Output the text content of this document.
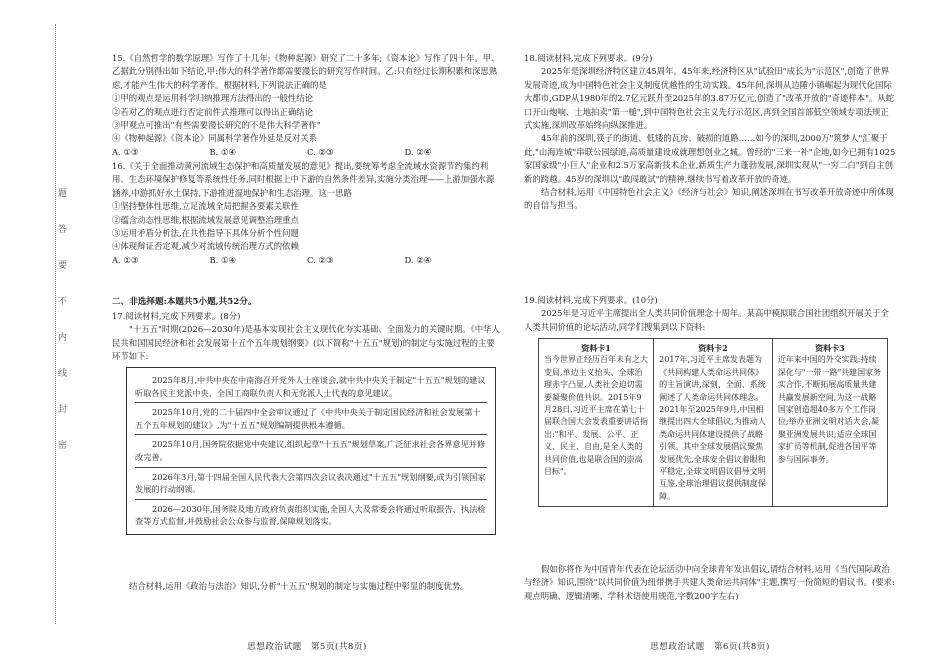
题
答
要
不
内
线
封
密
15.《自然哲学的数学原理》写作了十几年;《物种起源》研究了二十多年;《资本论》写作了四十年。甲、乙据此分别得出如下结论,甲:伟大的科学著作都需要漫长的研究写作时间。乙:只有经过长期积累和深思熟虑,才能产生伟大的科学著作。根据材料,下列说法正确的是
①甲的观点是运用科学归纳推理方法得出的一般性结论
②若对乙的观点进行否定前件式推理可以得出正确结论
③甲观点可推出"有些需要漫长研究的不是伟大科学著作"
④《物种起源》《资本论》同属科学著作外延是反对关系
A. ①③	B. ①④	C. ②③	D. ②④
16.《关于全面推动黄河流域生态保护和高质量发展的意见》提出,要统筹考虑全流域水资源节约集约利用、生态环境保护修复等系统性任务,同时根据上中下游的自然条件差异,实施分类治理——上游加强水源涵养,中游抓好水土保持,下游推进湿地保护和生态治理。这一思路
①坚持整体性思维,立足流域全局把握各要素关联性
②蕴含动态性思维,根据流域发展意见调整治理重点
③运用矛盾分析法,在共性指导下具体分析个性问题
④体现辩证否定观,减少对流域传统治理方式的依赖
A. ①③	B. ①④	C. ②③	D. ②④
二、非选择题:本题共5小题,共52分。
17.阅读材料,完成下列要求。(8分)
"十五五"时期(2026—2030年)是基本实现社会主义现代化夯实基础、全面发力的关键时期。《中华人民共和国国民经济和社会发展第十五个五年规划纲要》(以下简称"十五五"规划)的制定与实施过程的主要环节如下:
2025年8月,中共中央在中南海召开党外人士座谈会,就中共中央关于制定"十五五"规划的建议听取各民主党派中央、全国工商联负责人和无党派人士代表的意见建议。
2025年10月,党的二十届四中全会审议通过了《中共中央关于制定国民经济和社会发展第十五个五年规划的建议》,为"十五五"规划编制提供根本遵循。
2025年10月,国务院依据党中央建议,组织起草"十五五"规划草案,广泛征求社会各界意见并修改完善。
2026年3月,第十四届全国人民代表大会第四次会议表决通过"十五五"规划纲要,成为引领国家发展的行动纲领。
2026—2030年,国务院及地方政府负责组织实施,全国人大及常委会将通过听取报告、执法检查等方式监督,并鼓励社会公众参与监督,保障规划落实。
结合材料,运用《政治与法治》知识,分析"十五五"规划的制定与实施过程中彰显的制度优势。
思想政治试题　第5页(共8页)
18.阅读材料,完成下列要求。(9分)
2025年是深圳经济特区建立45周年。45年来,经济特区从"试验田"成长为"示范区",创造了世界发展奇迹,成为中国特色社会主义制度优越性的生动实践。45年间,深圳从边陲小镇崛起为现代化国际大都市,GDP从1980年的2.7亿元跃升至2025年的3.87万亿元,创造了"改革开放的"奇迹样本"。从蛇口开山炮响、土地拍卖"第一槌",到中国特色社会主义先行示范区,再到全国首部低空领域专项法规正式实施,深圳改革始终向纵深推进。
45年前的深圳,筷子的街道、低矮的瓦房、破损的道路……如今的深圳,2000万"筑梦人"汇聚于此,"山海连城"串联公园绿道,高质量建设成就理想创业之城。曾经的"三来一补"企地,如今已拥有1025家国家级"小巨人"企业和2.5万家高新技术企业,新质生产力蓬勃发展,深圳实现从"一穷二白"到自主创新的跨越。45岁的深圳以"敢闯敢试"的精神,继续书写着改革开放的奇迹。
结合材料,运用《中国特色社会主义》《经济与社会》知识,阐述深圳在书写改革开放奇迹中所体现的自信与担当。
19.阅读材料,完成下列要求。(10分)
2025年是习近平主席提出全人类共同价值理念十周年。某高中模拟联合国社团组织开展关于全人类共同价值的论坛活动,同学们搜集到以下资料:
资料卡1
当今世界正经历百年未有之大变局,单边主义抬头、全球治理赤字凸显,人类社会迫切需要凝聚价值共识。2015年9月28日,习近平主席在第七十届联合国大会发表重要讲话指出:"和平、发展、公平、正义、民主、自由,是全人类的共同价值,也是联合国的崇高目标"。

资料卡2
2017年,习近平主席发表题为《共同构建人类命运共同体》的主旨演讲,深刻、全面、系统阐述了人类命运共同体理念。2021年至2025年9月,中国相继提出四大全球倡议,为推动人类命运共同体建设提供了战略引领。其中全球发展倡议聚焦发展优先,全球安全倡议着眼和平稳定,全球文明倡议倡导文明互鉴,全球治理倡议提供制度保障。

资料卡3
近年来中国的外交实践:持续深化与"一带一路"共建国家务实合作,不断拓展高质量共建共赢发展新空间,为这一战略国家创造超40多万个工作岗位;举办亚洲文明对话大会,凝聚亚洲发展共识;适应全球国家扩员等机制,促进各国平等参与国际事务。
假如你将作为中国青年代表在论坛活动中向全球青年发出倡议,请结合材料,运用《当代国际政治与经济》知识,围绕"以共同价值为纽带携手共建人类命运共同体"主题,撰写一份简短的倡议书。(要求:观点明确、逻辑清晰、学科术语使用规范,字数200字左右)
思想政治试题　第6页(共8页)
